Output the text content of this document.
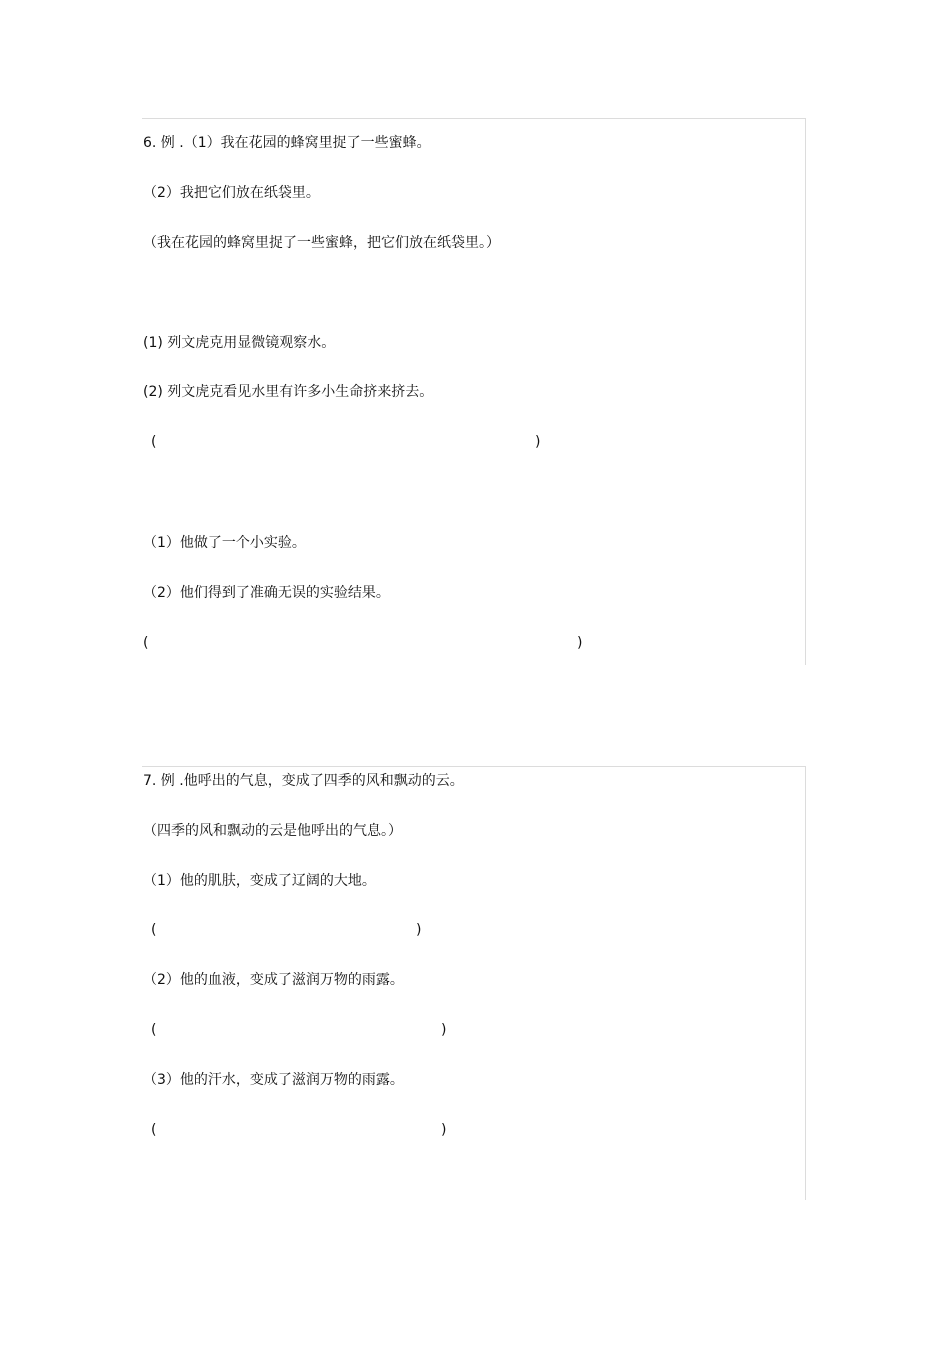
6. 例 .（1）我在花园的蜂窝里捉了一些蜜蜂。
（2）我把它们放在纸袋里。
（我在花园的蜂窝里捉了一些蜜蜂，把它们放在纸袋里。）
(1) 列文虎克用显微镜观察水。
(2) 列文虎克看见水里有许多小生命挤来挤去。
(	)
（1）他做了一个小实验。
（2）他们得到了准确无误的实验结果。
(	)
7. 例 .他呼出的气息，变成了四季的风和飘动的云。
（四季的风和飘动的云是他呼出的气息。）
（1）他的肌肤，变成了辽阔的大地。
(	)
（2）他的血液，变成了滋润万物的雨露。
(	)
（3）他的汗水，变成了滋润万物的雨露。
(	)
